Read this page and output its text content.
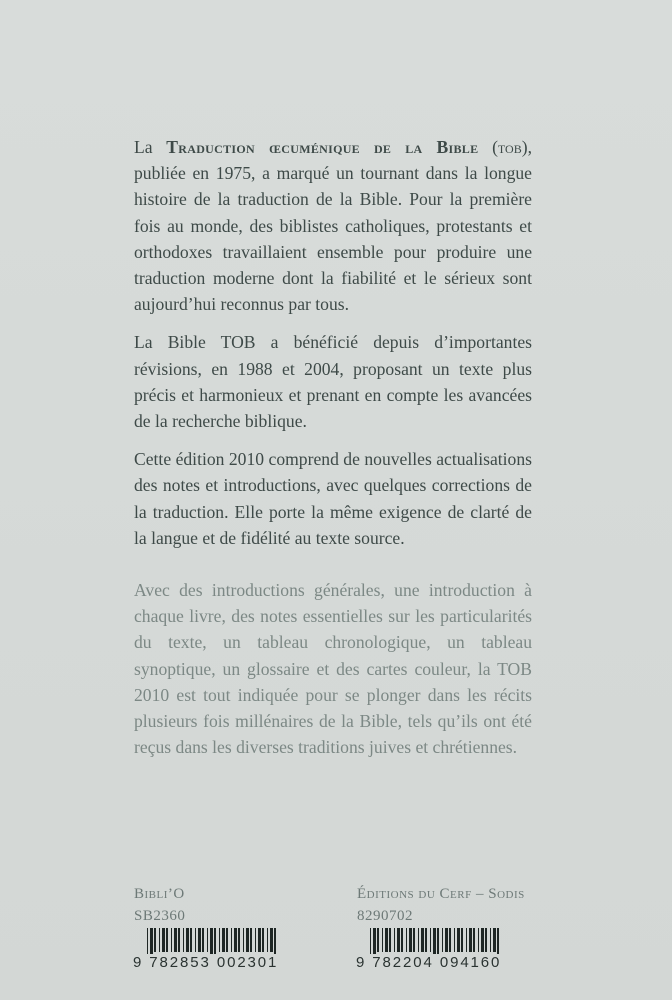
La Traduction œcuménique de la Bible (tob), publiée en 1975, a marqué un tournant dans la longue histoire de la traduction de la Bible. Pour la première fois au monde, des biblistes catholiques, protestants et orthodoxes travaillaient ensemble pour produire une traduction moderne dont la fiabilité et le sérieux sont aujourd’hui reconnus par tous.

La Bible TOB a bénéficié depuis d’importantes révisions, en 1988 et 2004, proposant un texte plus précis et harmonieux et prenant en compte les avancées de la recherche biblique.

Cette édition 2010 comprend de nouvelles actualisations des notes et introductions, avec quelques corrections de la traduction. Elle porte la même exigence de clarté de la langue et de fidélité au texte source.

Avec des introductions générales, une introduction à chaque livre, des notes essentielles sur les particularités du texte, un tableau chronologique, un tableau synoptique, un glossaire et des cartes couleur, la TOB 2010 est tout indiquée pour se plonger dans les récits plusieurs fois millénaires de la Bible, tels qu’ils ont été reçus dans les diverses traditions juives et chrétiennes.

Bibli’O
SB2360
Éditions du Cerf – Sodis
8290702
9 782853 002301	9 782204 094160
